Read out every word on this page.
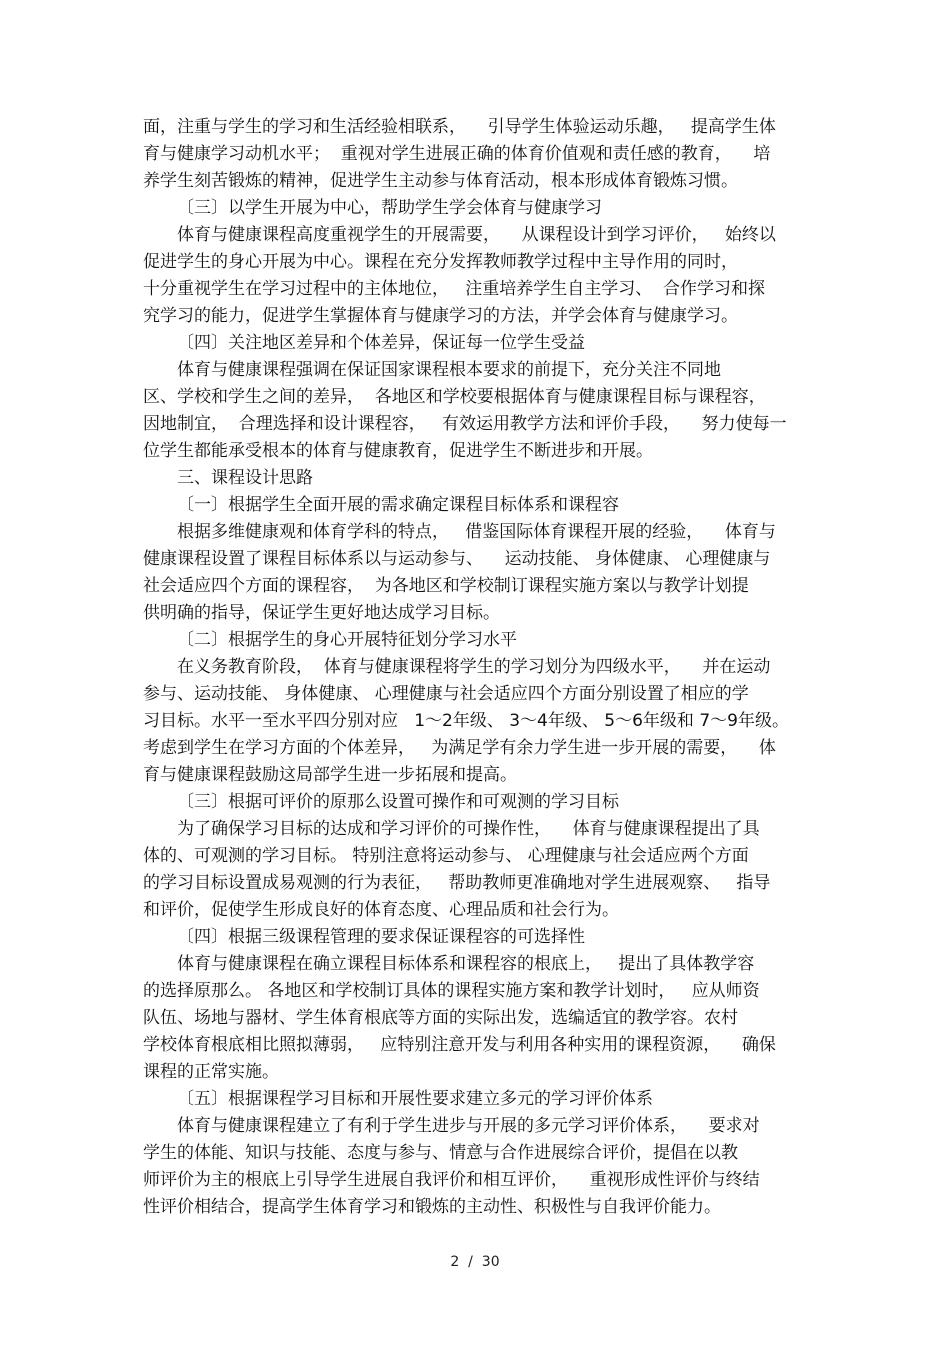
面，注重与学生的学习和生活经验相联系，    引导学生体验运动乐趣，   提高学生体
育与健康学习动机水平；  重视对学生进展正确的体育价值观和责任感的教育，    培
养学生刻苦锻炼的精神，促进学生主动参与体育活动，根本形成体育锻炼习惯。
〔三〕以学生开展为中心，帮助学生学会体育与健康学习
体育与健康课程高度重视学生的开展需要，    从课程设计到学习评价，   始终以
促进学生的身心开展为中心。课程在充分发挥教师教学过程中主导作用的同时，
十分重视学生在学习过程中的主体地位，   注重培养学生自主学习、  合作学习和探
究学习的能力，促进学生掌握体育与健康学习的方法，并学会体育与健康学习。
〔四〕关注地区差异和个体差异，保证每一位学生受益
体育与健康课程强调在保证国家课程根本要求的前提下，充分关注不同地
区、学校和学生之间的差异，  各地区和学校要根据体育与健康课程目标与课程容，
因地制宜，  合理选择和设计课程容，   有效运用教学方法和评价手段，    努力使每一
位学生都能承受根本的体育与健康教育，促进学生不断进步和开展。
三、课程设计思路
〔一〕根据学生全面开展的需求确定课程目标体系和课程容
根据多维健康观和体育学科的特点，   借鉴国际体育课程开展的经验，    体育与
健康课程设置了课程目标体系以与运动参与、    运动技能、 身体健康、 心理健康与
社会适应四个方面的课程容，  为各地区和学校制订课程实施方案以与教学计划提
供明确的指导，保证学生更好地达成学习目标。
〔二〕根据学生的身心开展特征划分学习水平
在义务教育阶段，  体育与健康课程将学生的学习划分为四级水平，    并在运动
参与、运动技能、 身体健康、 心理健康与社会适应四个方面分别设置了相应的学
习目标。水平一至水平四分别对应   1～2年级、 3～4年级、 5～6年级和 7～9年级。
考虑到学生在学习方面的个体差异，   为满足学有余力学生进一步开展的需要，    体
育与健康课程鼓励这局部学生进一步拓展和提高。
〔三〕根据可评价的原那么设置可操作和可观测的学习目标
为了确保学习目标的达成和学习评价的可操作性，    体育与健康课程提出了具
体的、可观测的学习目标。 特别注意将运动参与、 心理健康与社会适应两个方面
的学习目标设置成易观测的行为表征，   帮助教师更准确地对学生进展观察、   指导
和评价，促使学生形成良好的体育态度、心理品质和社会行为。
〔四〕根据三级课程管理的要求保证课程容的可选择性
体育与健康课程在确立课程目标体系和课程容的根底上，   提出了具体教学容
的选择原那么。 各地区和学校制订具体的课程实施方案和教学计划时，   应从师资
队伍、场地与器材、学生体育根底等方面的实际出发，选编适宜的教学容。农村
学校体育根底相比照拟薄弱，   应特别注意开发与利用各种实用的课程资源，    确保
课程的正常实施。
〔五〕根据课程学习目标和开展性要求建立多元的学习评价体系
体育与健康课程建立了有利于学生进步与开展的多元学习评价体系，    要求对
学生的体能、知识与技能、态度与参与、情意与合作进展综合评价，提倡在以教
师评价为主的根底上引导学生进展自我评价和相互评价，    重视形成性评价与终结
性评价相结合，提高学生体育学习和锻炼的主动性、积极性与自我评价能力。
2  /  30
